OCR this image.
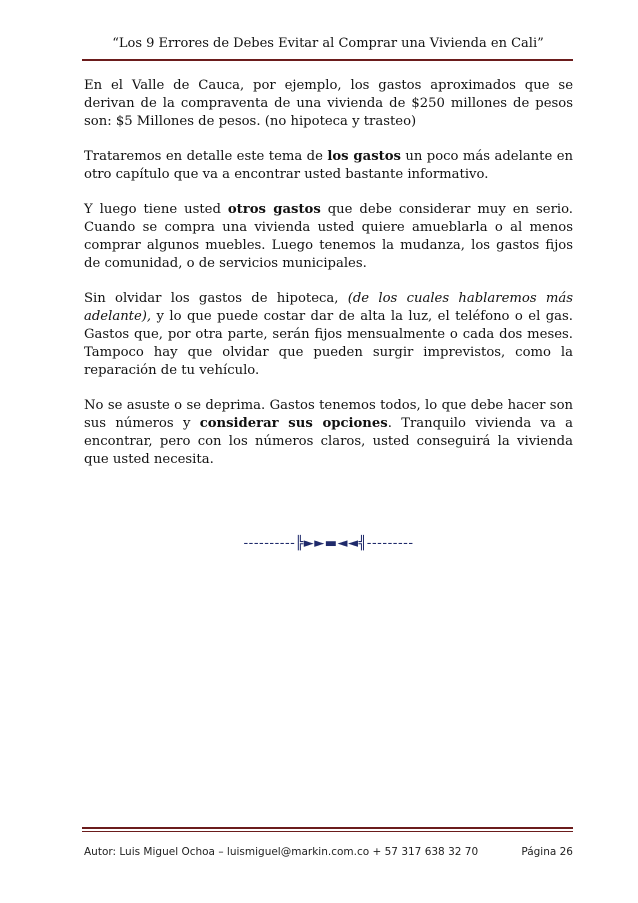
“Los 9 Errores de Debes Evitar al Comprar una Vivienda en Cali”

En el Valle de Cauca, por ejemplo, los gastos aproximados que se derivan de la compraventa de una vivienda de $250 millones de pesos son: $5 Millones de pesos. (no hipoteca y trasteo)

Trataremos en detalle este tema de los gastos un poco más adelante en otro capítulo que va a encontrar usted bastante informativo.

Y luego tiene usted otros gastos que debe considerar muy en serio. Cuando se compra una vivienda usted quiere amueblarla o al menos comprar algunos muebles. Luego tenemos la mudanza, los gastos fijos de comunidad, o de servicios municipales.

Sin olvidar los gastos de hipoteca, (de los cuales hablaremos más adelante), y lo que puede costar dar de alta la luz, el teléfono o el gas. Gastos que, por otra parte, serán fijos mensualmente o cada dos meses. Tampoco hay que olvidar que pueden surgir imprevistos, como la reparación de tu vehículo.

No se asuste o se deprima. Gastos tenemos todos, lo que debe hacer son sus números y considerar sus opciones. Tranquilo vivienda va a encontrar, pero con los números claros, usted conseguirá la vivienda que usted necesita.

----------╠►►▬◄◄╣---------
Autor: Luis Miguel Ochoa – luismiguel@markin.com.co + 57 317 638 32 70	Página 26
